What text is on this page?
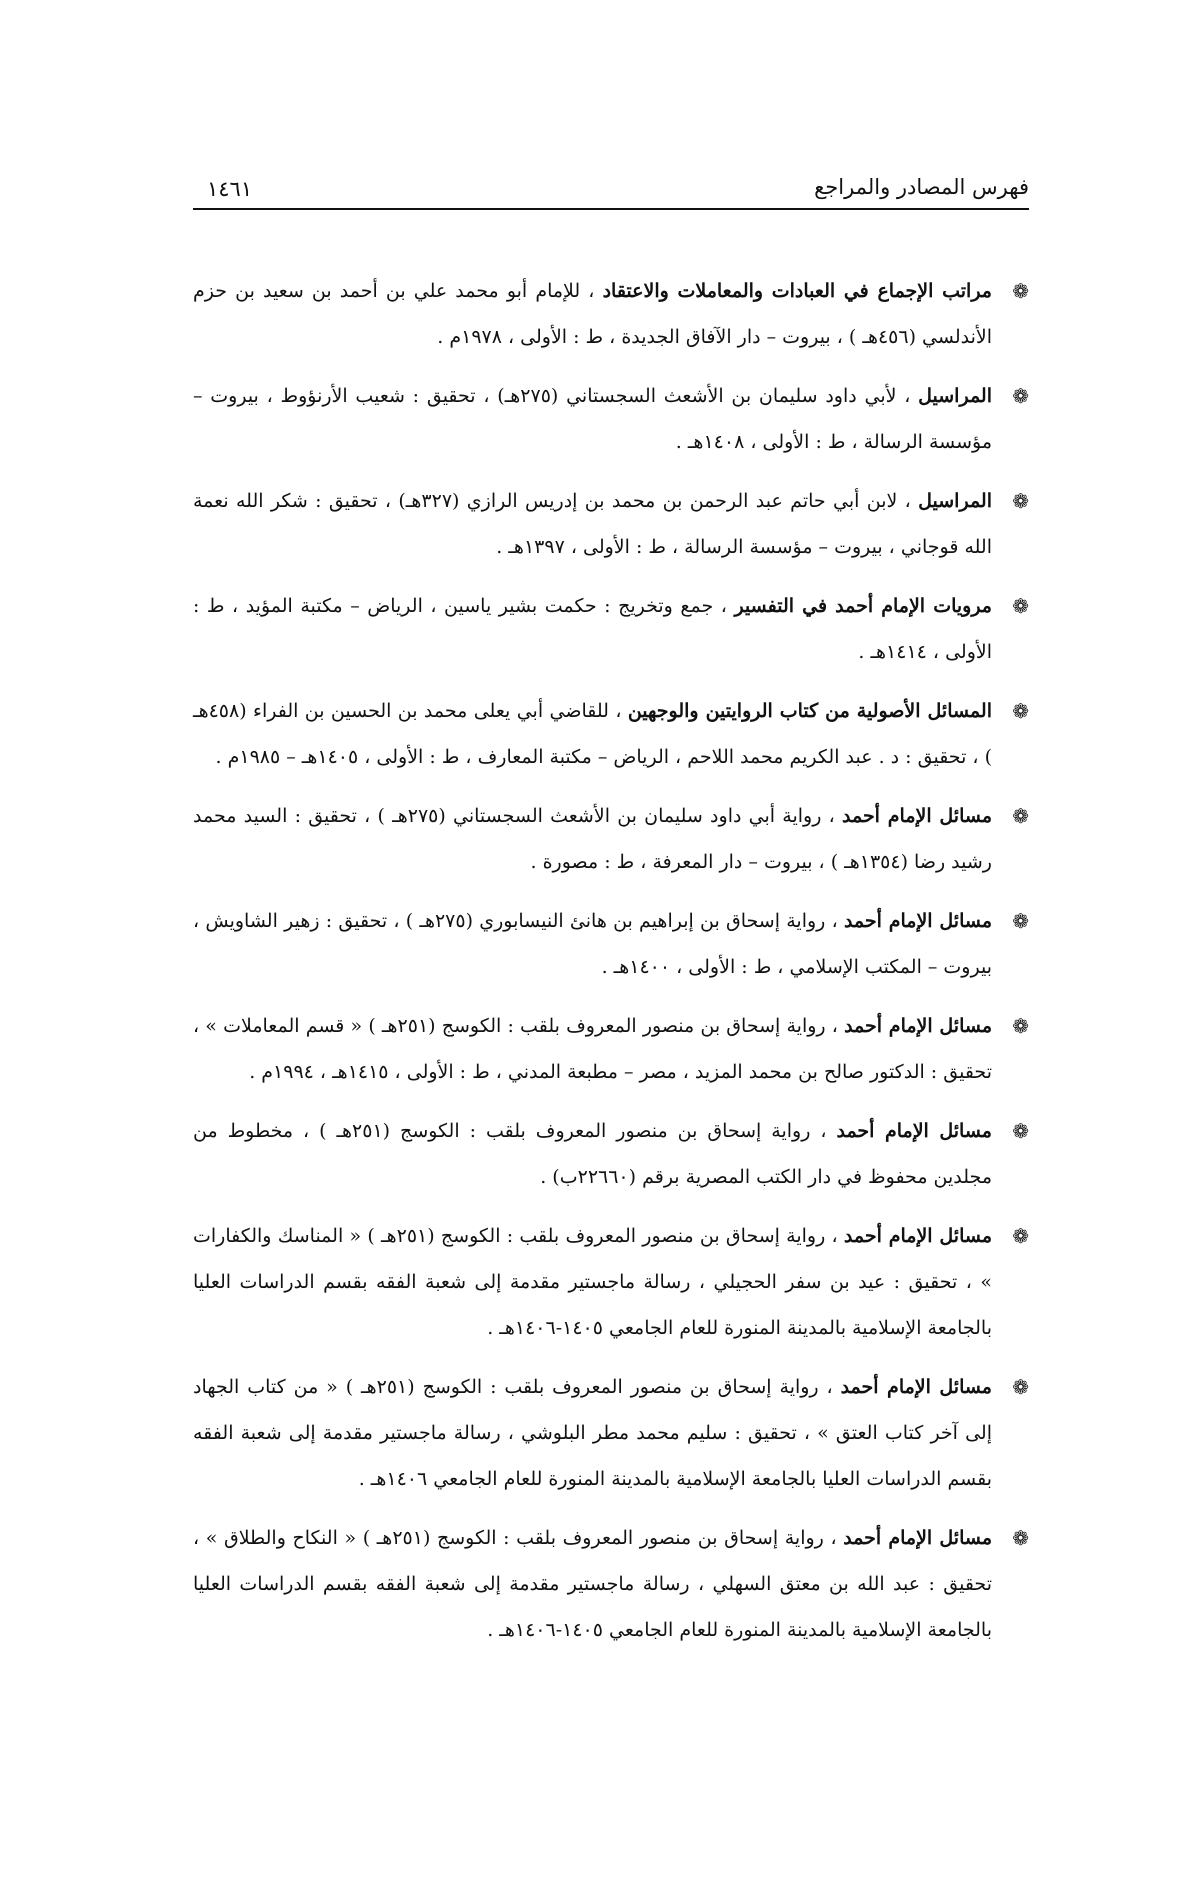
فهرس المصادر والمراجع
١٤٦١
❁
مراتب الإجماع في العبادات والمعاملات والاعتقاد ، للإمام أبو محمد علي بن أحمد بن سعيد بن حزم الأندلسي (٤٥٦هـ ) ، بيروت – دار الآفاق الجديدة ، ط : الأولى ، ١٩٧٨م .
❁
المراسيل ، لأبي داود سليمان بن الأشعث السجستاني (٢٧٥هـ) ، تحقيق : شعيب الأرنؤوط ، بيروت – مؤسسة الرسالة ، ط : الأولى ، ١٤٠٨هـ .
❁
المراسيل ، لابن أبي حاتم عبد الرحمن بن محمد بن إدريس الرازي (٣٢٧هـ) ، تحقيق : شكر الله نعمة الله قوجاني ، بيروت – مؤسسة الرسالة ، ط : الأولى ، ١٣٩٧هـ .
❁
مرويات الإمام أحمد في التفسير ، جمع وتخريج : حكمت بشير ياسين ، الرياض – مكتبة المؤيد ، ط : الأولى ، ١٤١٤هـ .
❁
المسائل الأصولية من كتاب الروايتين والوجهين ، للقاضي أبي يعلى محمد بن الحسين بن الفراء (٤٥٨هـ ) ، تحقيق : د . عبد الكريم محمد اللاحم ، الرياض – مكتبة المعارف ، ط : الأولى ، ١٤٠٥هـ – ١٩٨٥م .
❁
مسائل الإمام أحمد ، رواية أبي داود سليمان بن الأشعث السجستاني (٢٧٥هـ ) ، تحقيق : السيد محمد رشيد رضا (١٣٥٤هـ ) ، بيروت – دار المعرفة ، ط : مصورة .
❁
مسائل الإمام أحمد ، رواية إسحاق بن إبراهيم بن هانئ النيسابوري (٢٧٥هـ ) ، تحقيق : زهير الشاويش ، بيروت – المكتب الإسلامي ، ط : الأولى ، ١٤٠٠هـ .
❁
مسائل الإمام أحمد ، رواية إسحاق بن منصور المعروف بلقب : الكوسج (٢٥١هـ ) « قسم المعاملات » ، تحقيق : الدكتور صالح بن محمد المزيد ، مصر – مطبعة المدني ، ط : الأولى ، ١٤١٥هـ ، ١٩٩٤م .
❁
مسائل الإمام أحمد ، رواية إسحاق بن منصور المعروف بلقب : الكوسج (٢٥١هـ ) ، مخطوط من مجلدين محفوظ في دار الكتب المصرية برقم (٢٢٦٦٠ب) .
❁
مسائل الإمام أحمد ، رواية إسحاق بن منصور المعروف بلقب : الكوسج (٢٥١هـ ) « المناسك والكفارات » ، تحقيق : عيد بن سفر الحجيلي ، رسالة ماجستير مقدمة إلى شعبة الفقه بقسم الدراسات العليا بالجامعة الإسلامية بالمدينة المنورة للعام الجامعي ١٤٠٥-١٤٠٦هـ .
❁
مسائل الإمام أحمد ، رواية إسحاق بن منصور المعروف بلقب : الكوسج (٢٥١هـ ) « من كتاب الجهاد إلى آخر كتاب العتق » ، تحقيق : سليم محمد مطر البلوشي ، رسالة ماجستير مقدمة إلى شعبة الفقه بقسم الدراسات العليا بالجامعة الإسلامية بالمدينة المنورة للعام الجامعي ١٤٠٦هـ .
❁
مسائل الإمام أحمد ، رواية إسحاق بن منصور المعروف بلقب : الكوسج (٢٥١هـ ) « النكاح والطلاق » ، تحقيق : عبد الله بن معتق السهلي ، رسالة ماجستير مقدمة إلى شعبة الفقه بقسم الدراسات العليا بالجامعة الإسلامية بالمدينة المنورة للعام الجامعي ١٤٠٥-١٤٠٦هـ .
